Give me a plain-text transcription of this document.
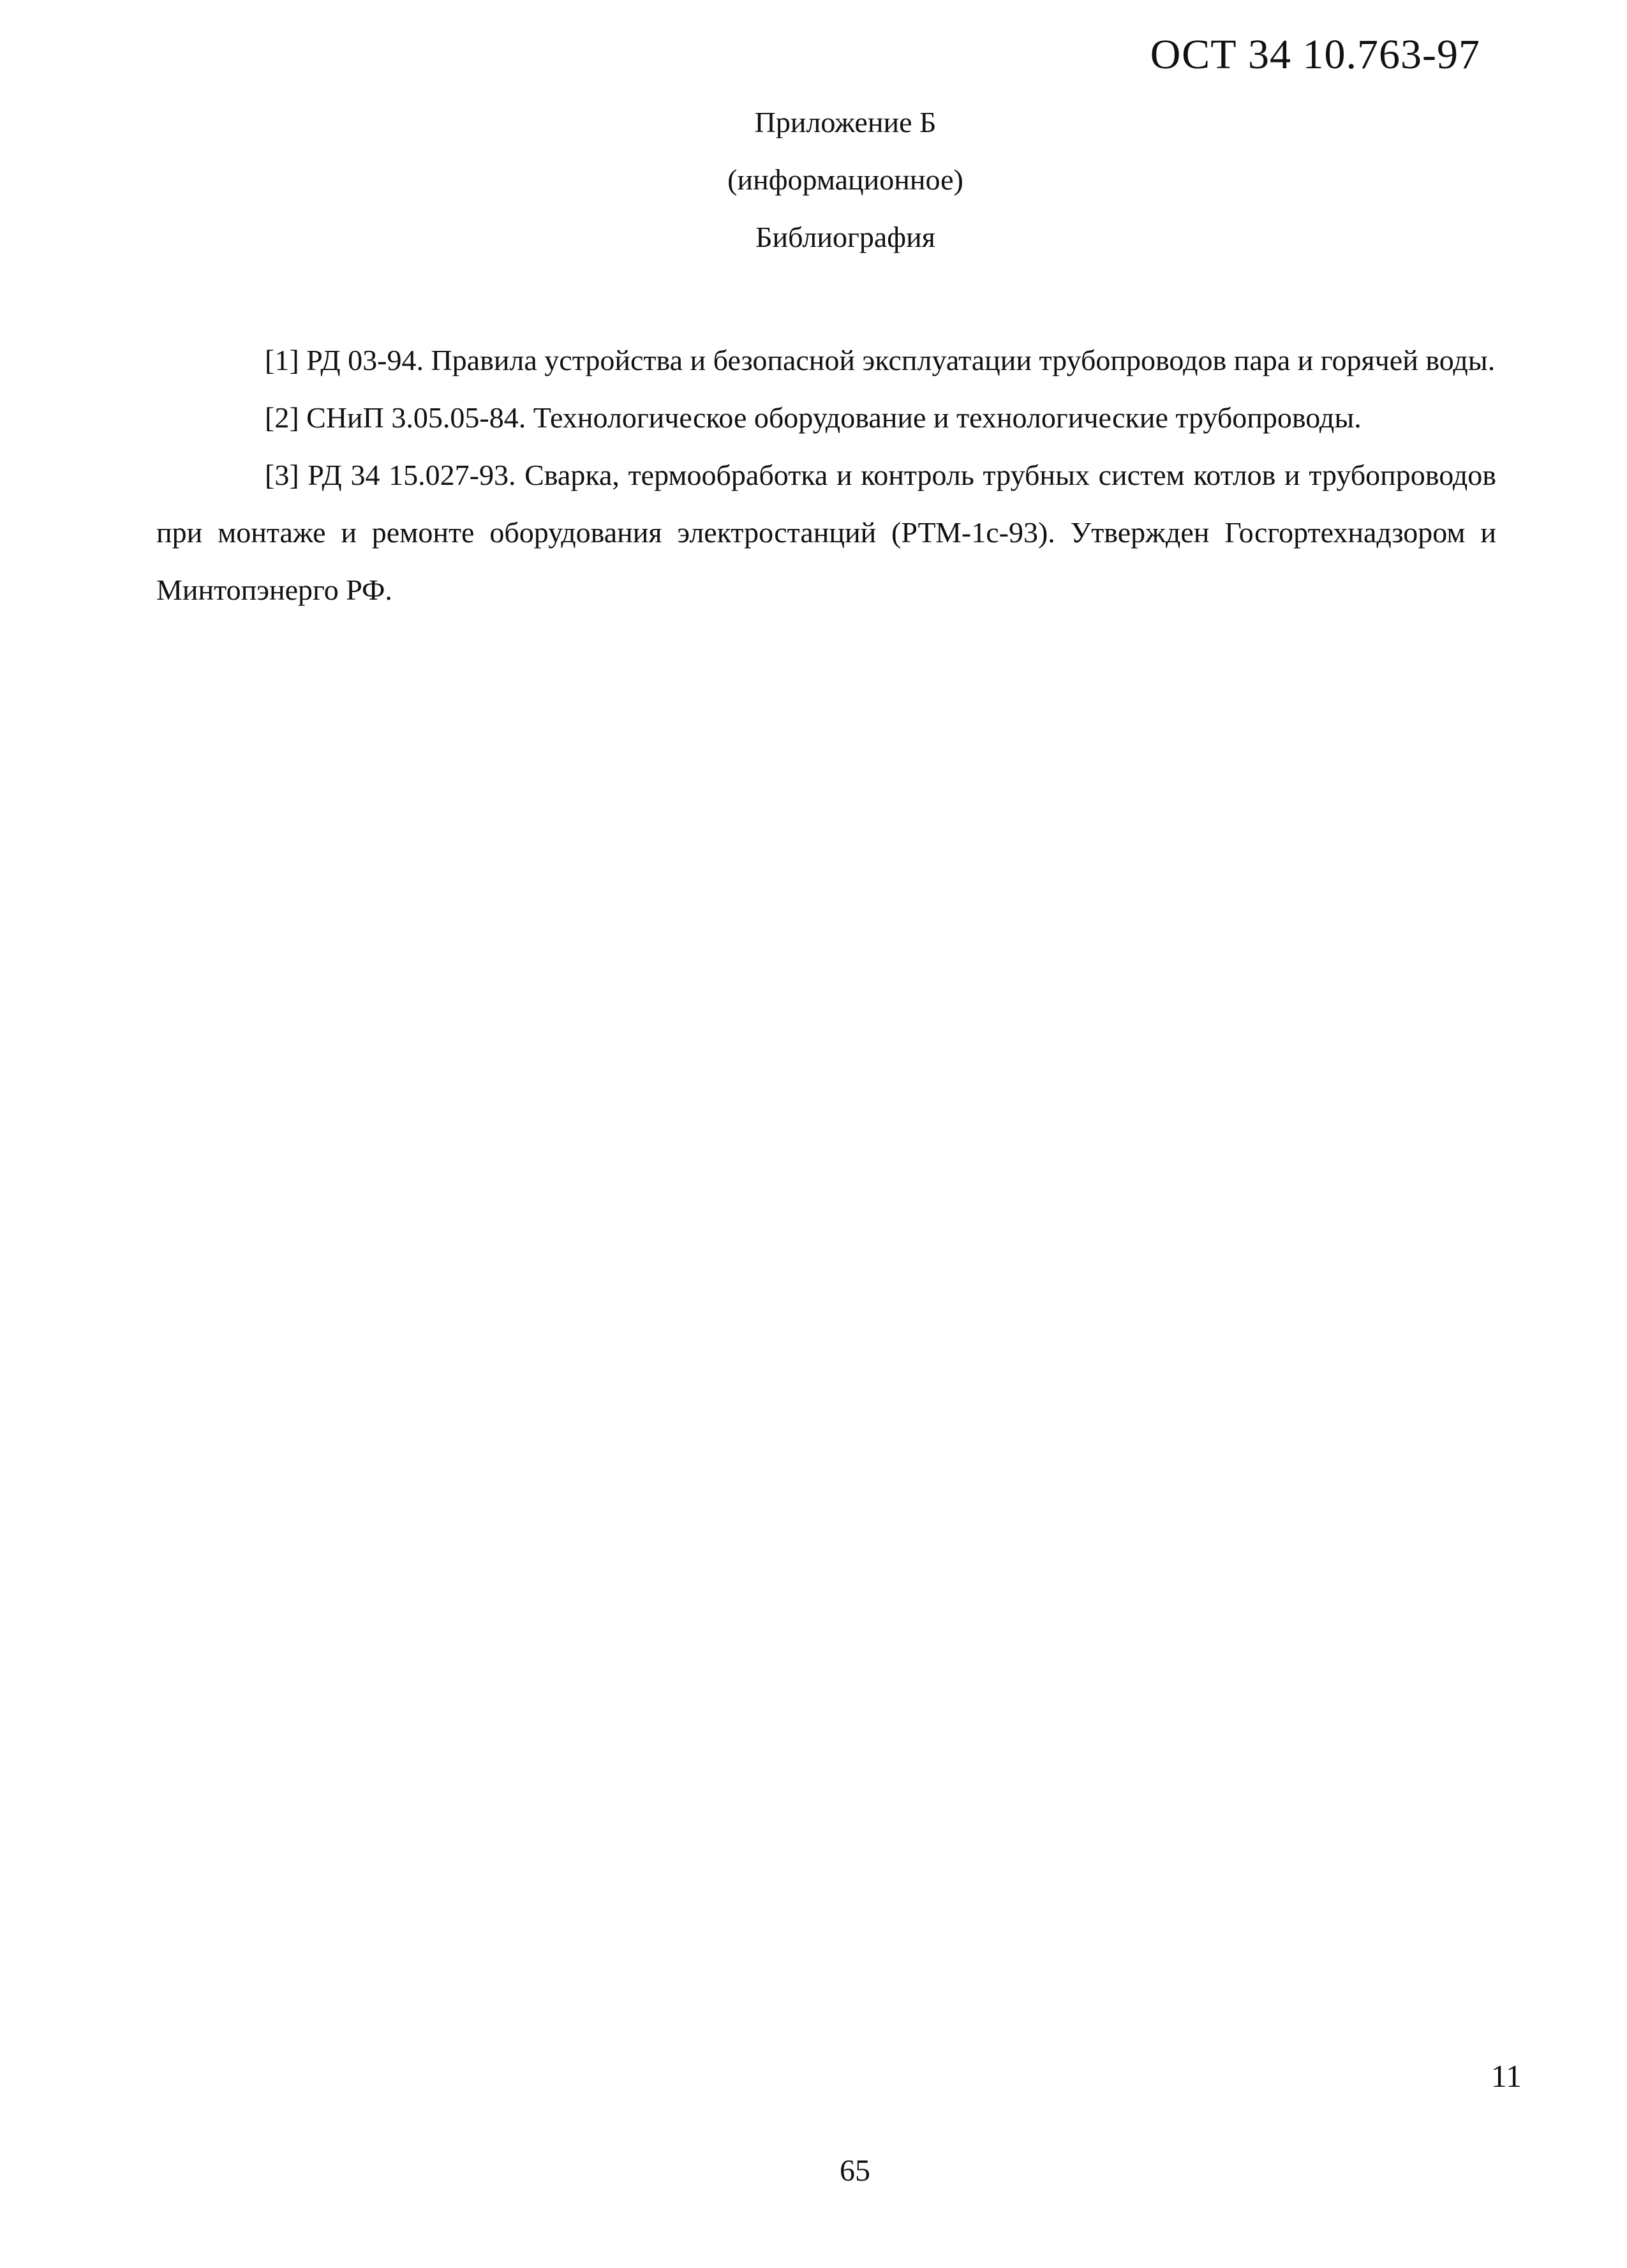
ОСТ 34 10.763-97
Приложение Б
(информационное)
Библиография

[1] РД 03-94. Правила устройства и безопасной эксплуатации трубопроводов пара и горячей воды.

[2] СНиП 3.05.05-84. Технологическое оборудование и технологические трубопроводы.

[3] РД 34 15.027-93. Сварка, термообработка и контроль трубных систем котлов и трубопроводов при монтаже и ремонте оборудования электростанций (РТМ-1с-93). Утвержден Госгортехнадзором и Минтопэнерго РФ.

11
65
